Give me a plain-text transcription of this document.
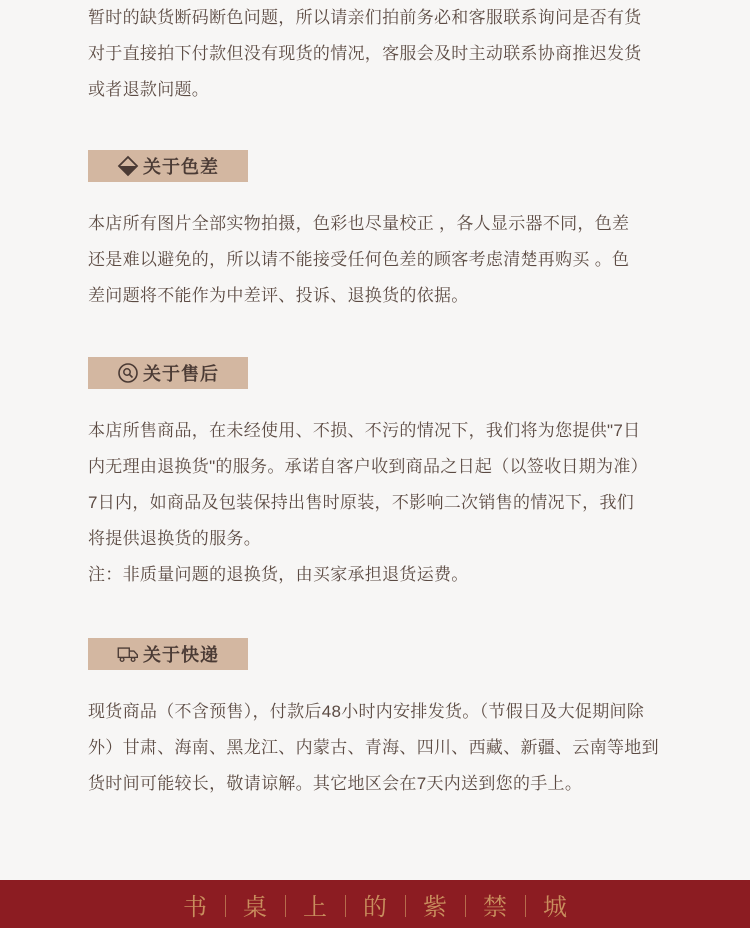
暂时的缺货断码断色问题，所以请亲们拍前务必和客服联系询问是否有货
对于直接拍下付款但没有现货的情况，客服会及时主动联系协商推迟发货
或者退款问题。
关于色差
本店所有图片全部实物拍摄，色彩也尽量校正 ，各人显示器不同，色差
还是难以避免的，所以请不能接受任何色差的顾客考虑清楚再购买 。色
差问题将不能作为中差评、投诉、退换货的依据。
关于售后
本店所售商品，在未经使用、不损、不污的情况下，我们将为您提供"7日
内无理由退换货"的服务。承诺自客户收到商品之日起（以签收日期为准）
7日内，如商品及包装保持出售时原装，不影响二次销售的情况下，我们
将提供退换货的服务。
注：非质量问题的退换货，由买家承担退货运费。
关于快递
现货商品（不含预售），付款后48小时内安排发货。（节假日及大促期间除
外）甘肃、海南、黑龙江、内蒙古、青海、四川、西藏、新疆、云南等地到
货时间可能较长，敬请谅解。其它地区会在7天内送到您的手上。
书	桌	上	的	紫	禁	城
